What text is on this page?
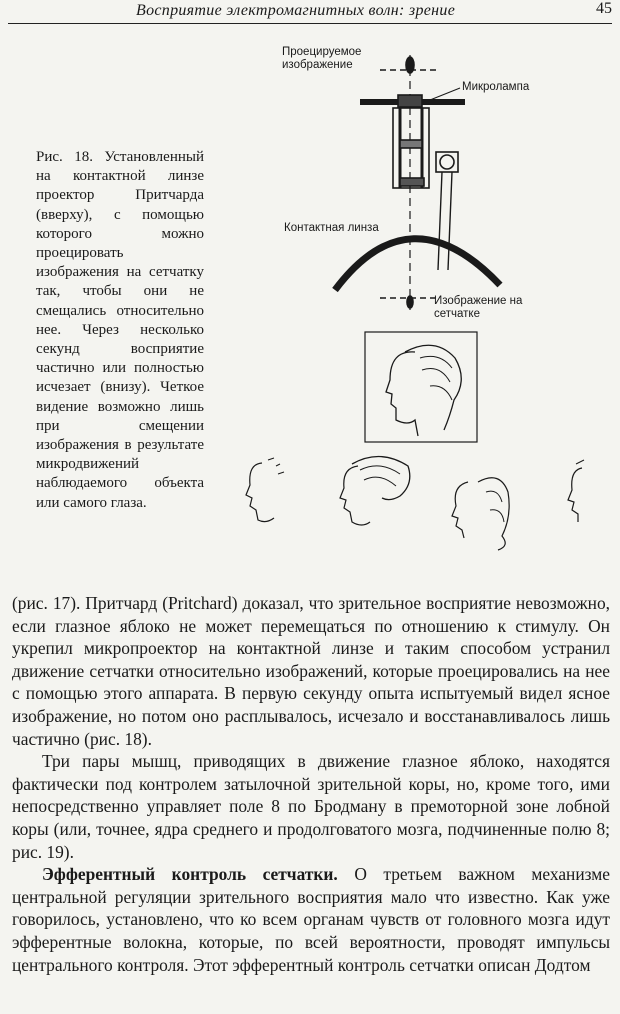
Восприятие электромагнитных волн: зрение	45

Рис. 18. Установленный на контактной линзе проектор Притчарда (вверху), с помощью которого можно проецировать изображения на сетчатку так, чтобы они не смещались относительно нее. Через несколько секунд восприятие частично или полностью исчезает (внизу). Четкое видение возможно лишь при смещении изображения в результате микродвижений наблюдаемого объекта или самого глаза.

Проецируемое изображение
Микролампа
Контактная линза
Изображение на сетчатке

(рис. 17). Притчард (Pritchard) доказал, что зрительное восприятие невозможно, если глазное яблоко не может перемещаться по отношению к стимулу. Он укрепил микропроектор на контактной линзе и таким способом устранил движение сетчатки относительно изображений, которые проецировались на нее с помощью этого аппарата. В первую секунду опыта испытуемый видел ясное изображение, но потом оно расплывалось, исчезало и восстанавливалось лишь частично (рис. 18).

Три пары мышц, приводящих в движение глазное яблоко, находятся фактически под контролем затылочной зрительной коры, но, кроме того, ими непосредственно управляет поле 8 по Бродману в премоторной зоне лобной коры (или, точнее, ядра среднего и продолговатого мозга, подчиненные полю 8; рис. 19).

Эфферентный контроль сетчатки. О третьем важном механизме центральной регуляции зрительного восприятия мало что известно. Как уже говорилось, установлено, что ко всем органам чувств от головного мозга идут эфферентные волокна, которые, по всей вероятности, проводят импульсы центрального контроля. Этот эфферентный контроль сетчатки описан Додтом
